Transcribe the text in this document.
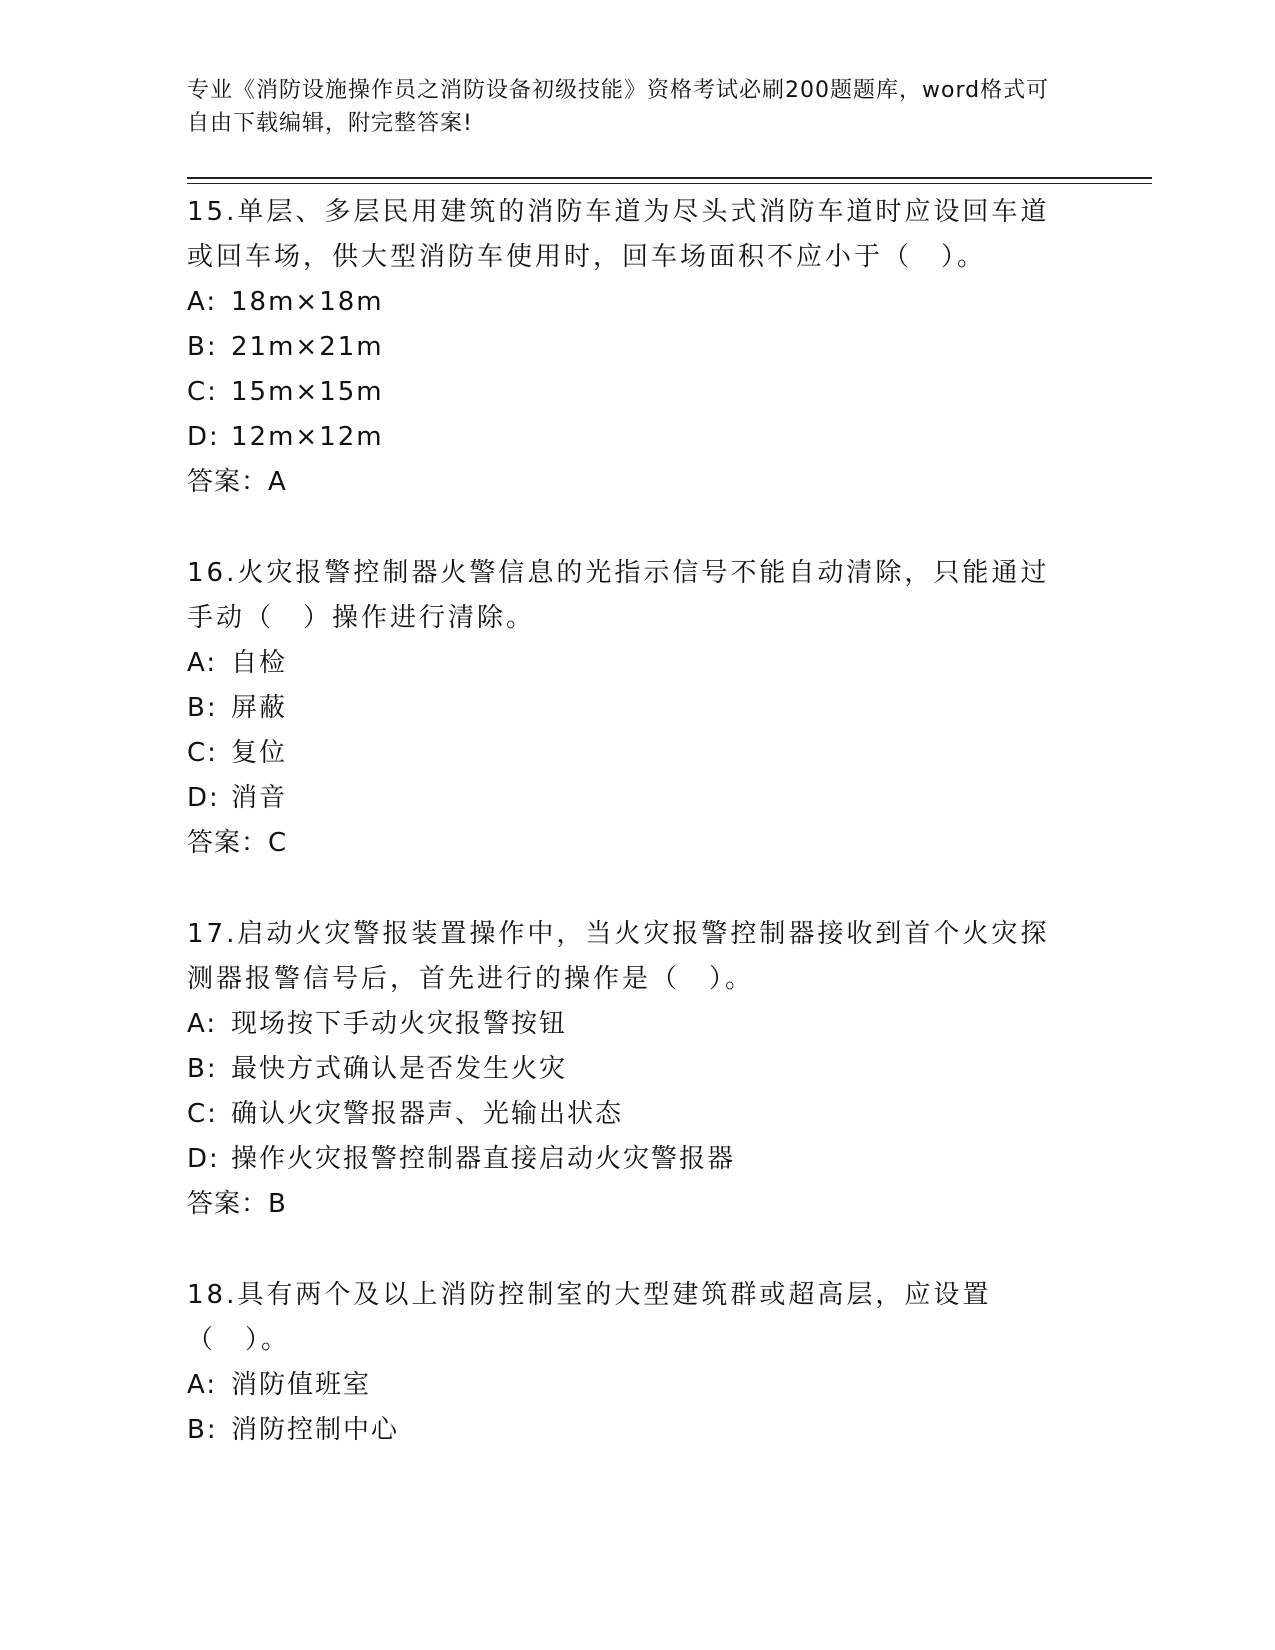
专业《消防设施操作员之消防设备初级技能》资格考试必刷200题题库，word格式可自由下载编辑，附完整答案!

15.单层、多层民用建筑的消防车道为尽头式消防车道时应设回车道或回车场，供大型消防车使用时，回车场面积不应小于（　）。

A: 18m×18m

B: 21m×21m

C: 15m×15m

D: 12m×12m

答案：A

16.火灾报警控制器火警信息的光指示信号不能自动清除，只能通过手动（　）操作进行清除。

A: 自检

B: 屏蔽

C: 复位

D: 消音

答案：C

17.启动火灾警报装置操作中，当火灾报警控制器接收到首个火灾探测器报警信号后，首先进行的操作是（　）。

A: 现场按下手动火灾报警按钮

B: 最快方式确认是否发生火灾

C: 确认火灾警报器声、光输出状态

D: 操作火灾报警控制器直接启动火灾警报器

答案：B

18.具有两个及以上消防控制室的大型建筑群或超高层，应设置（　）。

A: 消防值班室

B: 消防控制中心
